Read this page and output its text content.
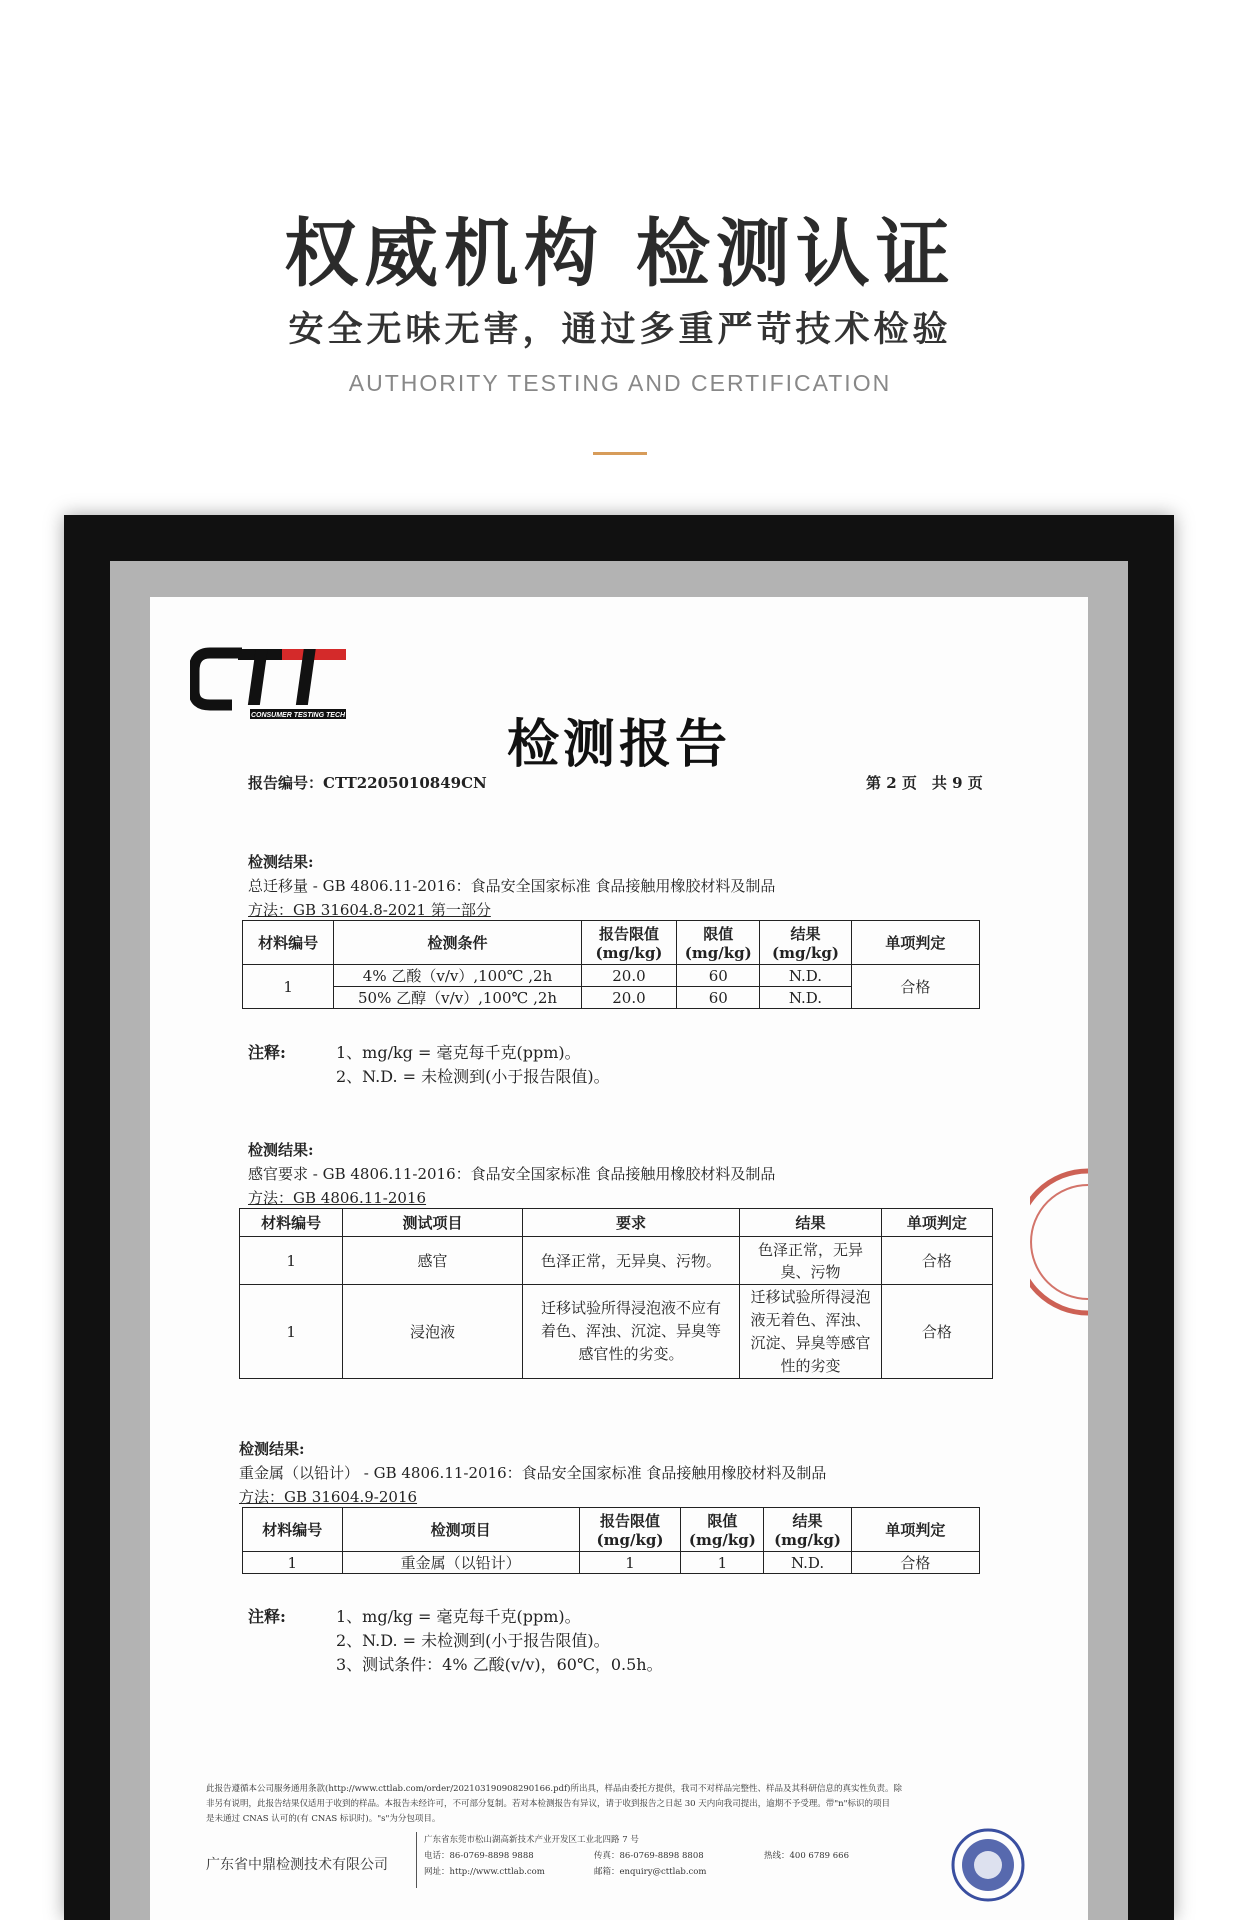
权威机构 检测认证
安全无味无害，通过多重严苛技术检验
AUTHORITY TESTING AND CERTIFICATION
CONSUMER TESTING TECH	检测报告
报告编号：CTT2205010849CN	第 2 页　共 9 页
检测结果:
总迁移量 - GB 4806.11-2016：食品安全国家标准 食品接触用橡胶材料及制品
方法：GB 31604.8-2021 第一部分
材料编号	检测条件	报告限值 (mg/kg)	限值 (mg/kg)	结果 (mg/kg)	单项判定
1	4% 乙酸（v/v）,100℃ ,2h	20.0	60	N.D.	合格
	50% 乙醇（v/v）,100℃ ,2h	20.0	60	N.D.	
注释:	1、mg/kg = 毫克每千克(ppm)。
2、N.D. = 未检测到(小于报告限值)。
检测结果:
感官要求 - GB 4806.11-2016：食品安全国家标准 食品接触用橡胶材料及制品
方法：GB 4806.11-2016
材料编号	测试项目	要求	结果	单项判定
1	感官	色泽正常，无异臭、污物。	色泽正常，无异臭、污物	合格
1	浸泡液	迁移试验所得浸泡液不应有着色、浑浊、沉淀、异臭等感官性的劣变。	迁移试验所得浸泡液无着色、浑浊、沉淀、异臭等感官性的劣变	合格
检测结果:
重金属（以铅计） - GB 4806.11-2016：食品安全国家标准 食品接触用橡胶材料及制品
方法：GB 31604.9-2016
材料编号	检测项目	报告限值 (mg/kg)	限值 (mg/kg)	结果 (mg/kg)	单项判定
1	重金属（以铅计）	1	1	N.D.	合格
注释:	1、mg/kg = 毫克每千克(ppm)。
2、N.D. = 未检测到(小于报告限值)。
3、测试条件：4% 乙酸(v/v)，60℃，0.5h。
此报告遵循本公司服务通用条款(http://www.cttlab.com/order/20210319090829016​6.pdf)所出具，样品由委托方提供，我司不对样品完整性、样品及其科研信息的真实性负责。除
非另有说明，此报告结果仅适用于收到的样品。本报告未经许可，不可部分复制。若对本检测报告有异议，请于收到报告之日起 30 天内向我司提出，逾期不予受理。带"n"标识的项目
是未通过 CNAS 认可的(有 CNAS 标识时)。"s"为分包项目。
广东省中鼎检测技术有限公司
广东省东莞市松山湖高新技术产业开发区工业北四路 7 号
电话：86-0769-8898 9888	传真：86-0769-8898 8808	热线：400 6789 666
网址：http://www.cttlab.com	邮箱：enquiry@cttlab.com
